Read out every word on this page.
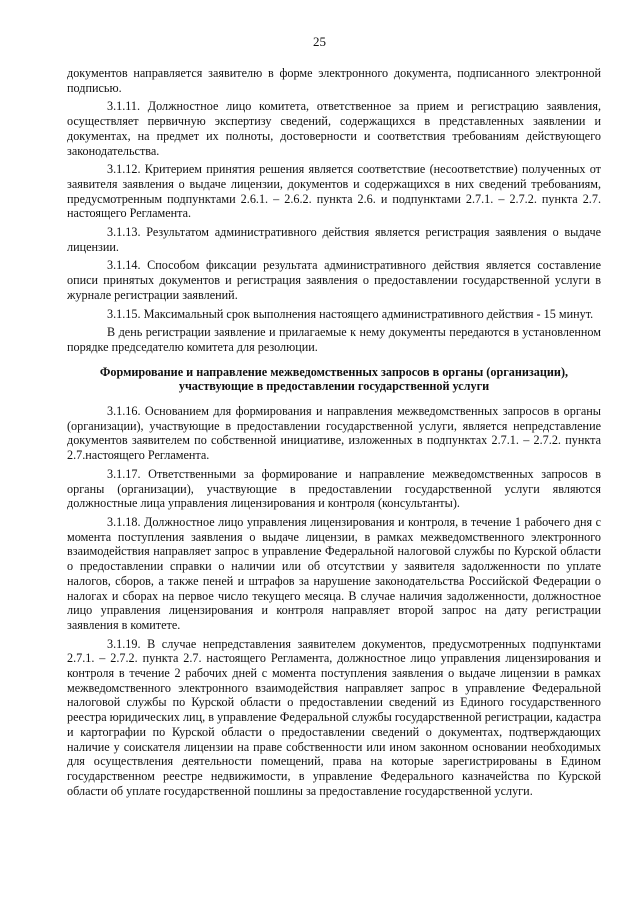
25

документов направляется заявителю в форме электронного документа, подписанного электронной подписью.

3.1.11. Должностное лицо комитета, ответственное за прием и регистрацию заявления, осуществляет первичную экспертизу сведений, содержащихся в представленных заявлении и документах, на предмет их полноты, достоверности и соответствия требованиям действующего законодательства.

3.1.12. Критерием принятия решения является соответствие (несоответствие) полученных от заявителя заявления о выдаче лицензии, документов и содержащихся в них сведений требованиям, предусмотренным подпунктами 2.6.1. – 2.6.2. пункта 2.6. и подпунктами 2.7.1. – 2.7.2. пункта 2.7. настоящего Регламента.

3.1.13. Результатом административного действия является регистрация заявления о выдаче лицензии.

3.1.14. Способом фиксации результата административного действия является составление описи принятых документов и регистрация заявления о предоставлении государственной услуги в журнале регистрации заявлений.

3.1.15. Максимальный срок выполнения настоящего административного действия - 15 минут.

В день регистрации заявление и прилагаемые к нему документы передаются в установленном порядке председателю комитета для резолюции.

Формирование и направление межведомственных запросов в органы (организации), участвующие в предоставлении государственной услуги

3.1.16. Основанием для формирования и направления межведомственных запросов в органы (организации), участвующие в предоставлении государственной услуги, является непредставление документов заявителем по собственной инициативе, изложенных в подпунктах 2.7.1. – 2.7.2. пункта 2.7.настоящего Регламента.

3.1.17. Ответственными за формирование и направление межведомственных запросов в органы (организации), участвующие в предоставлении государственной услуги являются должностные лица управления лицензирования и контроля (консультанты).

3.1.18. Должностное лицо управления лицензирования и контроля, в течение 1 рабочего дня с момента поступления заявления о выдаче лицензии, в рамках межведомственного электронного взаимодействия направляет запрос в управление Федеральной налоговой службы по Курской области о предоставлении справки о наличии или об отсутствии у заявителя задолженности по уплате налогов, сборов, а также пеней и штрафов за нарушение законодательства Российской Федерации о налогах и сборах на первое число текущего месяца. В случае наличия задолженности, должностное лицо управления лицензирования и контроля направляет второй запрос на дату регистрации заявления в комитете.

3.1.19. В случае непредставления заявителем документов, предусмотренных подпунктами 2.7.1. – 2.7.2. пункта 2.7. настоящего Регламента, должностное лицо управления лицензирования и контроля в течение 2 рабочих дней с момента поступления заявления о выдаче лицензии в рамках межведомственного электронного взаимодействия направляет запрос в управление Федеральной налоговой службы по Курской области о предоставлении сведений из Единого государственного реестра юридических лиц, в управление Федеральной службы государственной регистрации, кадастра и картографии по Курской области о предоставлении сведений о документах, подтверждающих наличие у соискателя лицензии на праве собственности или ином законном основании необходимых для осуществления деятельности помещений, права на которые зарегистрированы в Едином государственном реестре недвижимости, в управление Федерального казначейства по Курской области об уплате государственной пошлины за предоставление государственной услуги.
